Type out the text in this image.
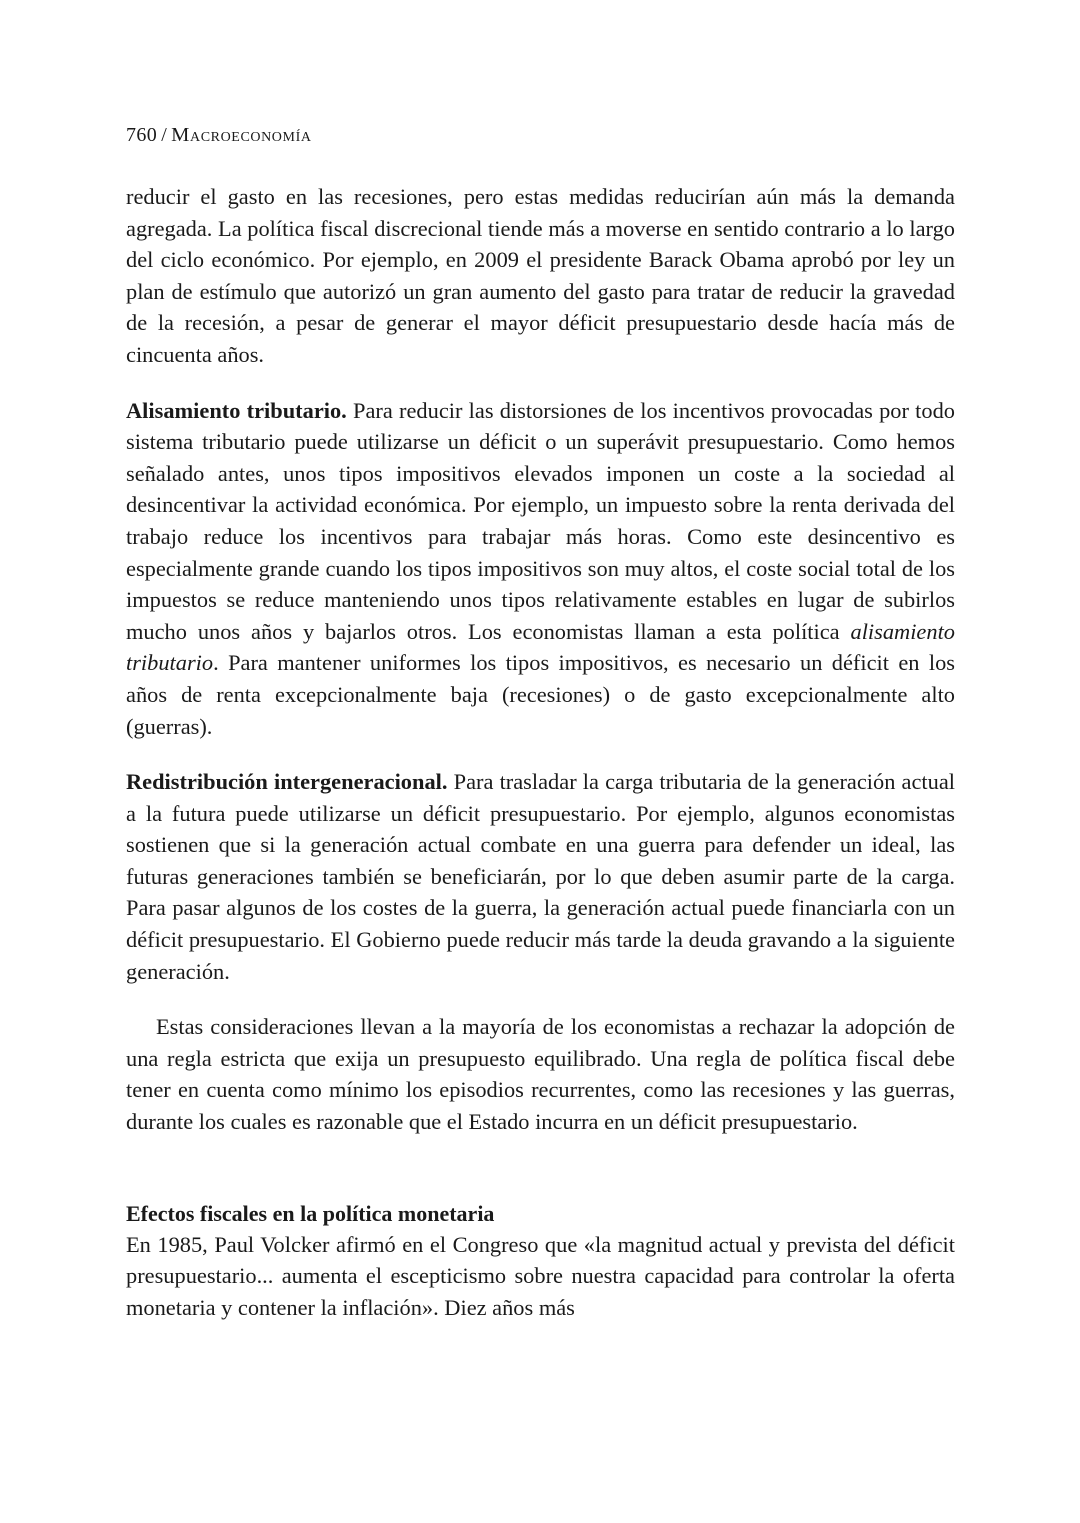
760 / Macroeconomía

reducir el gasto en las recesiones, pero estas medidas reducirían aún más la demanda agregada. La política fiscal discrecional tiende más a moverse en sentido contrario a lo largo del ciclo económico. Por ejemplo, en 2009 el presidente Barack Obama aprobó por ley un plan de estímulo que autorizó un gran aumento del gasto para tratar de reducir la gravedad de la recesión, a pesar de generar el mayor déficit presupuestario desde hacía más de cincuenta años.

Alisamiento tributario. Para reducir las distorsiones de los incentivos provocadas por todo sistema tributario puede utilizarse un déficit o un superávit presupuestario. Como hemos señalado antes, unos tipos impositivos elevados imponen un coste a la sociedad al desincentivar la actividad económica. Por ejemplo, un impuesto sobre la renta derivada del trabajo reduce los incentivos para trabajar más horas. Como este desincentivo es especialmente grande cuando los tipos impositivos son muy altos, el coste social total de los impuestos se reduce manteniendo unos tipos relativamente estables en lugar de subirlos mucho unos años y bajarlos otros. Los economistas llaman a esta política alisamiento tributario. Para mantener uniformes los tipos impositivos, es necesario un déficit en los años de renta excepcionalmente baja (recesiones) o de gasto excepcionalmente alto (guerras).

Redistribución intergeneracional. Para trasladar la carga tributaria de la generación actual a la futura puede utilizarse un déficit presupuestario. Por ejemplo, algunos economistas sostienen que si la generación actual combate en una guerra para defender un ideal, las futuras generaciones también se beneficiarán, por lo que deben asumir parte de la carga. Para pasar algunos de los costes de la guerra, la generación actual puede financiarla con un déficit presupuestario. El Gobierno puede reducir más tarde la deuda gravando a la siguiente generación.

Estas consideraciones llevan a la mayoría de los economistas a rechazar la adopción de una regla estricta que exija un presupuesto equilibrado. Una regla de política fiscal debe tener en cuenta como mínimo los episodios recurrentes, como las recesiones y las guerras, durante los cuales es razonable que el Estado incurra en un déficit presupuestario.

Efectos fiscales en la política monetaria

En 1985, Paul Volcker afirmó en el Congreso que «la magnitud actual y prevista del déficit presupuestario... aumenta el escepticismo sobre nuestra capacidad para controlar la oferta monetaria y contener la inflación». Diez años más
